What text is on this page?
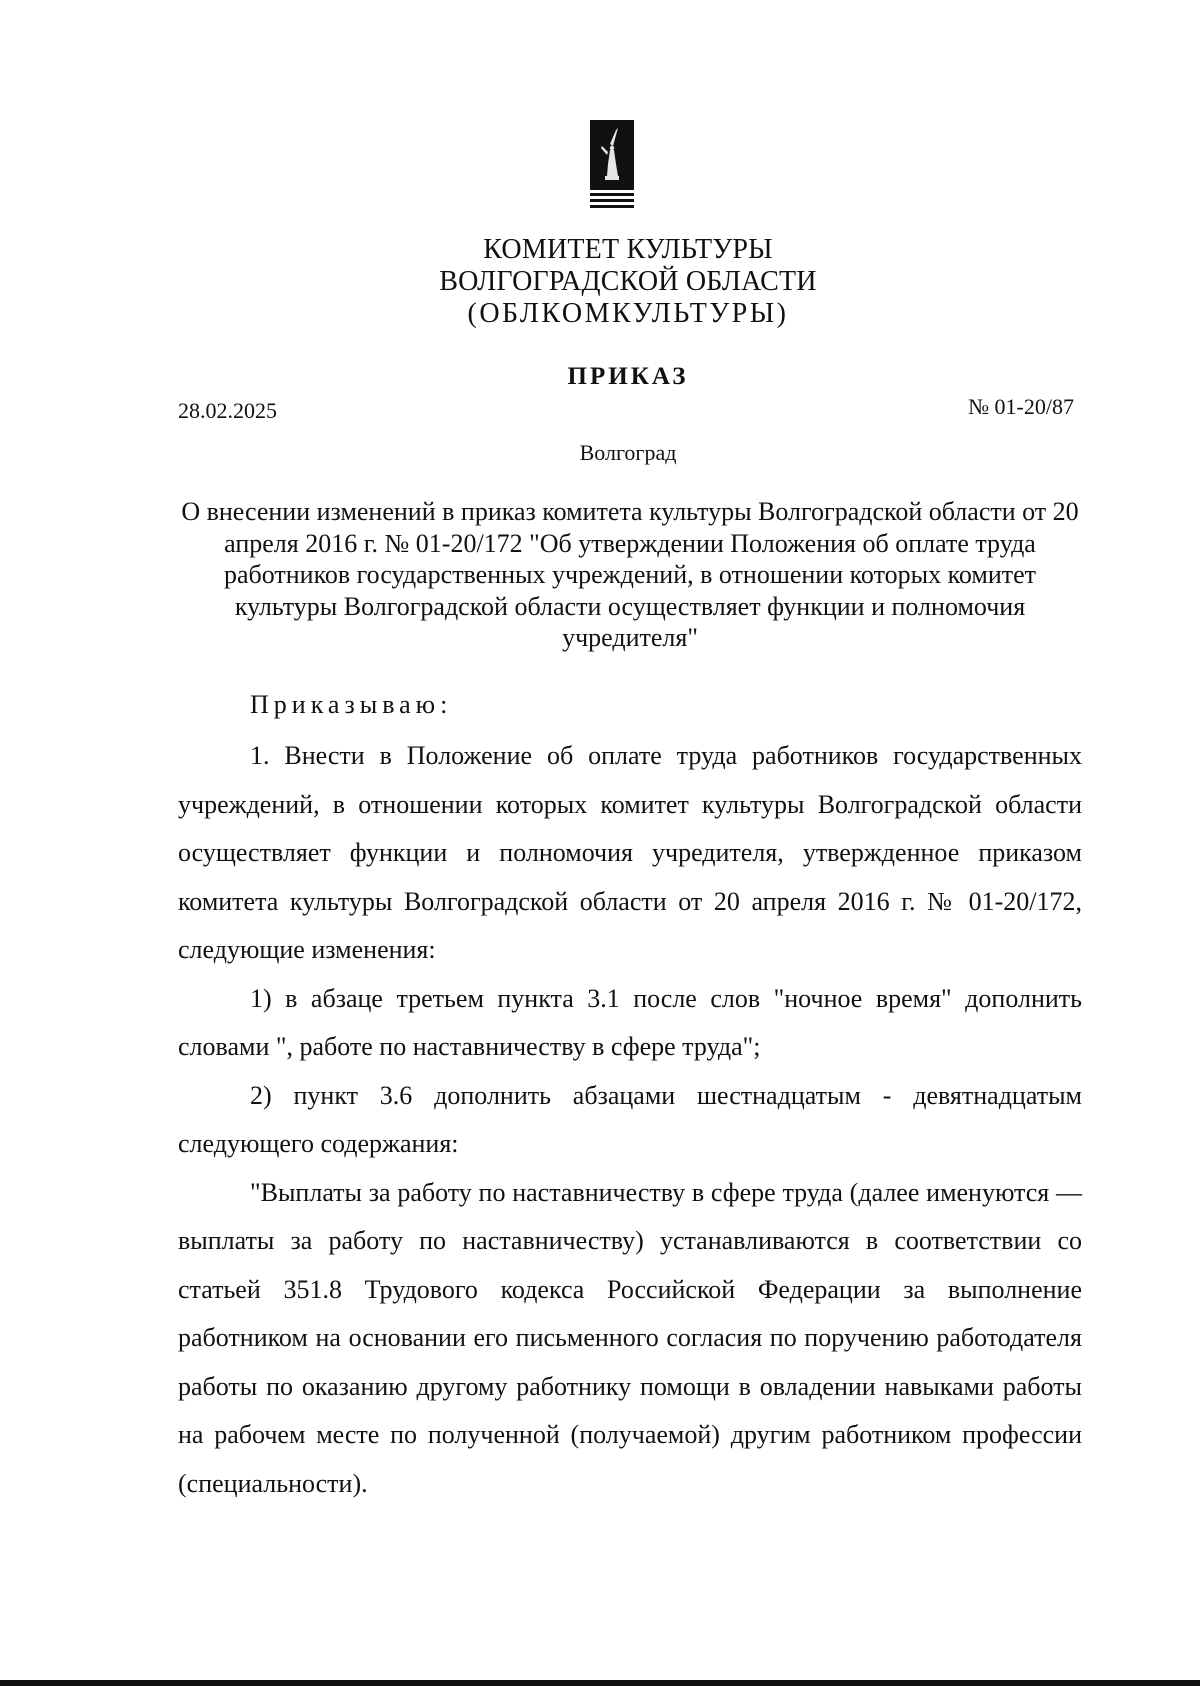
КОМИТЕТ КУЛЬТУРЫ
ВОЛГОГРАДСКОЙ ОБЛАСТИ
(ОБЛКОМКУЛЬТУРЫ)
ПРИКАЗ
28.02.2025	№ 01-20/87
Волгоград
О внесении изменений в приказ комитета культуры Волгоградской области от 20 апреля 2016 г. № 01-20/172 "Об утверждении Положения об оплате труда работников государственных учреждений, в отношении которых комитет культуры Волгоградской области осуществляет функции и полномочия учредителя"
Приказываю:

1. Внести в Положение об оплате труда работников государственных учреждений, в отношении которых комитет культуры Волгоградской области осуществляет функции и полномочия учредителя, утвержденное приказом комитета культуры Волгоградской области от 20 апреля 2016 г. № 01-20/172, следующие изменения:

1) в абзаце третьем пункта 3.1 после слов "ночное время" дополнить словами ", работе по наставничеству в сфере труда";

2) пункт 3.6 дополнить абзацами шестнадцатым - девятнадцатым следующего содержания:

"Выплаты за работу по наставничеству в сфере труда (далее именуются — выплаты за работу по наставничеству) устанавливаются в соответствии со статьей 351.8 Трудового кодекса Российской Федерации за выполнение работником на основании его письменного согласия по поручению работодателя работы по оказанию другому работнику помощи в овладении навыками работы на рабочем месте по полученной (получаемой) другим работником профессии (специальности).
